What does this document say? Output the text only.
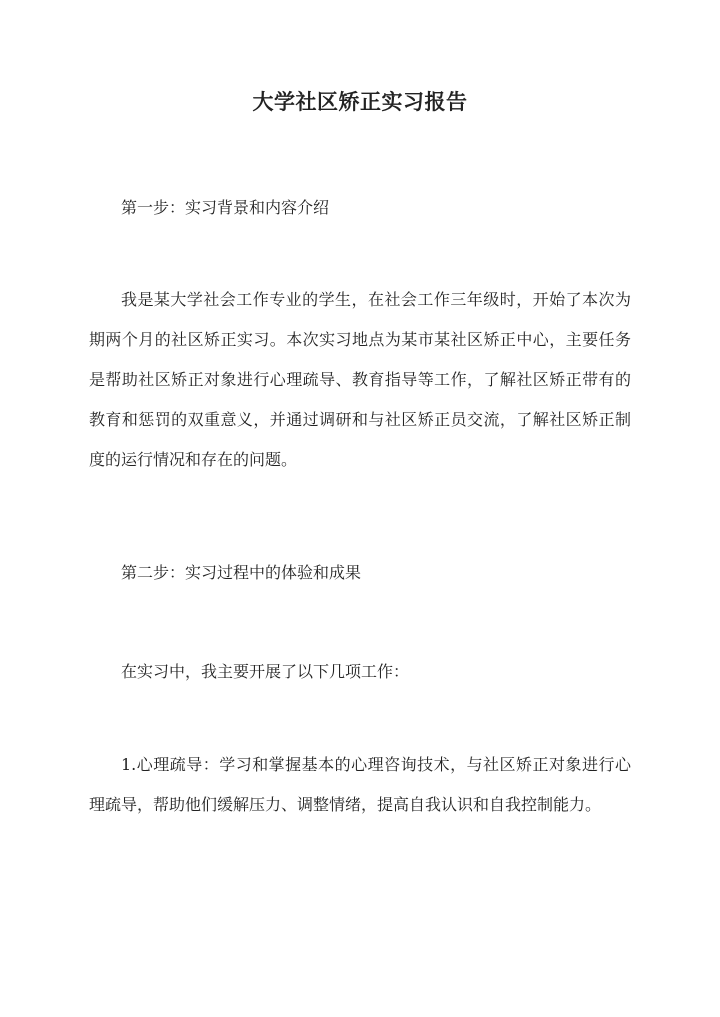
大学社区矫正实习报告

第一步：实习背景和内容介绍

我是某大学社会工作专业的学生，在社会工作三年级时，开始了本次为期两个月的社区矫正实习。本次实习地点为某市某社区矫正中心，主要任务是帮助社区矫正对象进行心理疏导、教育指导等工作，了解社区矫正带有的教育和惩罚的双重意义，并通过调研和与社区矫正员交流，了解社区矫正制度的运行情况和存在的问题。

第二步：实习过程中的体验和成果

在实习中，我主要开展了以下几项工作：

1.心理疏导：学习和掌握基本的心理咨询技术，与社区矫正对象进行心理疏导，帮助他们缓解压力、调整情绪，提高自我认识和自我控制能力。
